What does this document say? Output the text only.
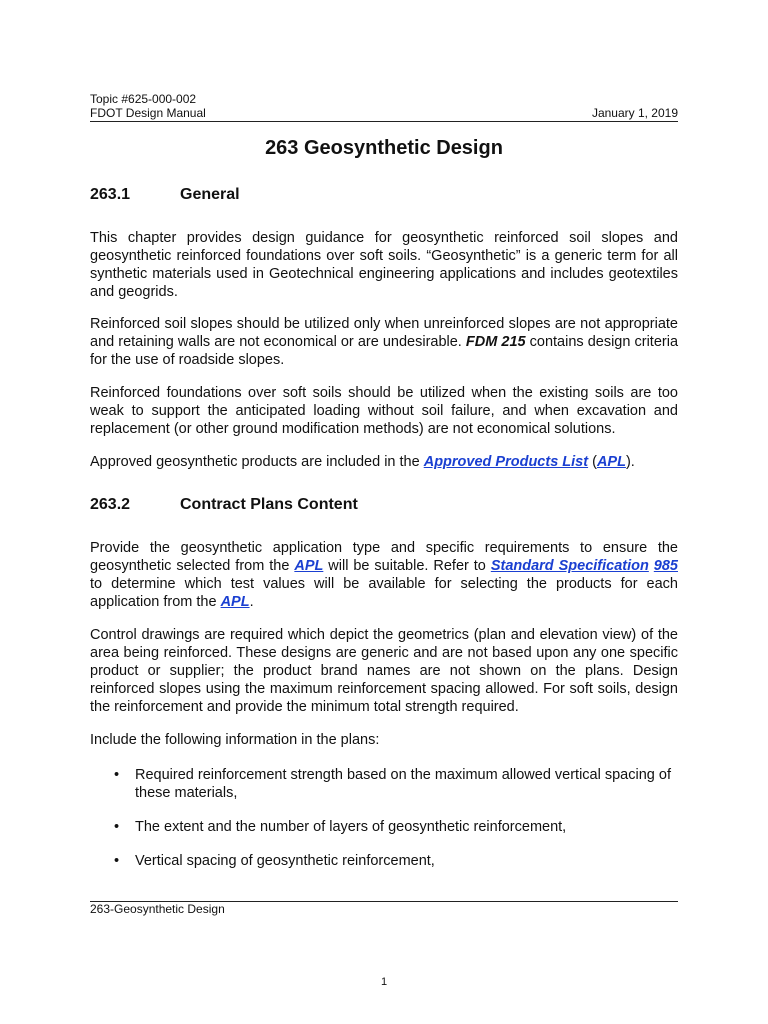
Topic #625-000-002
FDOT Design Manual	January 1, 2019
263 Geosynthetic Design
263.1	General
This chapter provides design guidance for geosynthetic reinforced soil slopes and geosynthetic reinforced foundations over soft soils. “Geosynthetic” is a generic term for all synthetic materials used in Geotechnical engineering applications and includes geotextiles and geogrids.
Reinforced soil slopes should be utilized only when unreinforced slopes are not appropriate and retaining walls are not economical or are undesirable. FDM 215 contains design criteria for the use of roadside slopes.
Reinforced foundations over soft soils should be utilized when the existing soils are too weak to support the anticipated loading without soil failure, and when excavation and replacement (or other ground modification methods) are not economical solutions.
Approved geosynthetic products are included in the Approved Products List (APL).
263.2	Contract Plans Content
Provide the geosynthetic application type and specific requirements to ensure the geosynthetic selected from the APL will be suitable. Refer to Standard Specification 985 to determine which test values will be available for selecting the products for each application from the APL.
Control drawings are required which depict the geometrics (plan and elevation view) of the area being reinforced. These designs are generic and are not based upon any one specific product or supplier; the product brand names are not shown on the plans. Design reinforced slopes using the maximum reinforcement spacing allowed. For soft soils, design the reinforcement and provide the minimum total strength required.
Include the following information in the plans:
• Required reinforcement strength based on the maximum allowed vertical spacing of these materials,
• The extent and the number of layers of geosynthetic reinforcement,
• Vertical spacing of geosynthetic reinforcement,
263-Geosynthetic Design
1
